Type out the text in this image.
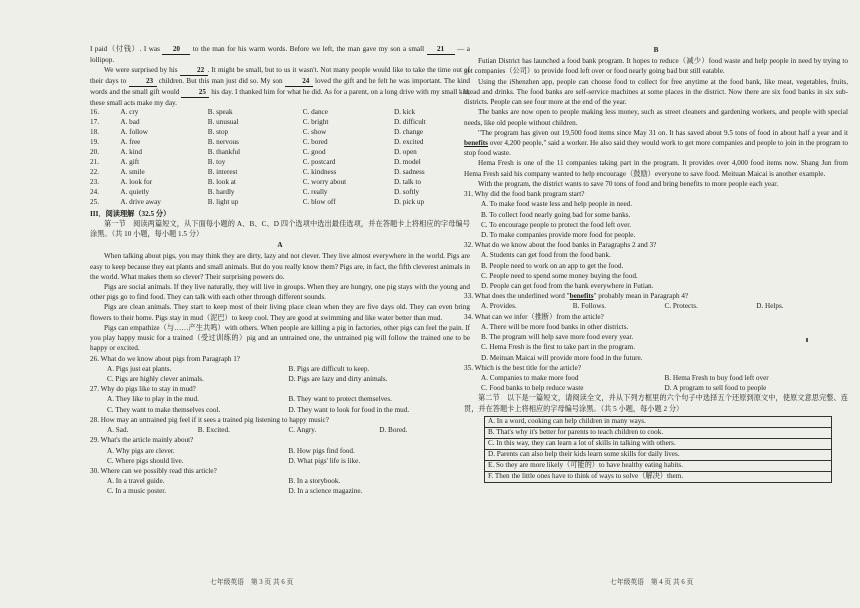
I paid（付钱）. I was 20 to the man for his warm words. Before we left, the man gave my son a small 21 — a lollipop.

We were surprised by his	22 . It might be small, but to us it wasn't. Not many people would like to take the time out of their days to	23 children. But this man just did so. My son	24 loved the gift and he felt he was important. The kind words and the small gift would	25 his day. I thanked him for what he did. As for a parent, on a long drive with my small kid, these small acts make my day.

16.	A. cry	B. speak	C. dance	D. kick
17.	A. bad	B. unusual	C. bright	D. difficult
18.	A. follow	B. stop	C. show	D. change
19.	A. free	B. nervous	C. bored	D. excited
20.	A. kind	B. thankful	C. good	D. open
21.	A. gift	B. toy	C. postcard	D. model
22.	A. smile	B. interest	C. kindness	D. sadness
23.	A. look for	B. look at	C. worry about	D. talk to
24.	A. quietly	B. hardly	C. really	D. softly
25.	A. drive away	B. light up	C. blow off	D. pick up

III．阅读理解（32.5 分）

第一节　阅读两篇短文，从下面每小题的 A、B、C、D 四个选项中选出最佳选项，并在答题卡上将相应的字母编号涂黑。（共 10 小题，每小题 1.5 分）

A

When talking about pigs, you may think they are dirty, lazy and not clever. They live almost everywhere in the world. Pigs are easy to keep because they eat plants and small animals. But do you really know them? Pigs are, in fact, the fifth cleverest animals in the world. What makes them so clever? Their surprising powers do.

Pigs are social animals. If they live naturally, they will live in groups. When they are hungry, one pig stays with the young and other pigs go to find food. They can talk with each other through different sounds.

Pigs are clean animals. They start to keep most of their living place clean when they are five days old. They can even bring flowers to their home. Pigs stay in mud（泥巴）to keep cool. They are good at swimming and like water better than mud.

Pigs can empathize（与……产生共鸣）with others. When people are killing a pig in factories, other pigs can feel the pain. If you play happy music for a trained（受过训练的）pig and an untrained one, the untrained pig will follow the trained one to be happy or excited.

26. What do we know about pigs from Paragraph 1?

A. Pigs just eat plants.	B. Pigs are difficult to keep.
C. Pigs are highly clever animals.	D. Pigs are lazy and dirty animals.

27. Why do pigs like to stay in mud?

A. They like to play in the mud.	B. They want to protect themselves.
C. They want to make themselves cool.	D. They want to look for food in the mud.

28. How may an untrained pig feel if it sees a trained pig listening to happy music?

A. Sad.	B. Excited.	C. Angry.	D. Bored.

29. What's the article mainly about?

A. Why pigs are clever.	B. How pigs find food.
C. Where pigs should live.	D. What pigs' life is like.

30. Where can we possibly read this article?

A. In a travel guide.	B. In a storybook.
C. In a music poster.	D. In a science magazine.

B

Futian District has launched a food bank program. It hopes to reduce（减少）food waste and help people in need by trying to get companies（公司）to provide food left over or food nearly going bad but still eatable.

Using the iShenzhen app, people can choose food to collect for free anytime at the food bank, like meat, vegetables, fruits, bread and drinks. The food banks are self-service machines at some places in the district. Now there are six food banks in six sub-districts. People can see four more at the end of the year.

The banks are now open to people making less money, such as street cleaners and gardening workers, and people with special needs, like old people without children.

"The program has given out 19,500 food items since May 31 on. It has saved about 9.5 tons of food in about half a year and it benefits over 4,200 people," said a worker. He also said they would work to get more companies and people to join in the program to stop food waste.

Hema Fresh is one of the 11 companies taking part in the program. It provides over 4,000 food items now. Shang Jun from Hema Fresh said his company wanted to help encourage（鼓励）everyone to save food. Meituan Maicai is another example.

With the program, the district wants to save 70 tons of food and bring benefits to more people each year.

31. Why did the food bank program start?

A. To make food waste less and help people in need.
B. To collect food nearly going bad for some banks.
C. To encourage people to protect the food left over.
D. To make companies provide more food for people.

32. What do we know about the food banks in Paragraphs 2 and 3?

A. Students can get food from the food bank.
B. People need to work on an app to get the food.
C. People need to spend some money buying the food.
D. People can get food from the bank everywhere in Futian.

33. What does the underlined word "benefits" probably mean in Paragraph 4?

A. Provides.	B. Follows.	C. Protects.	D. Helps.

34. What can we infer（推断）from the article?

A. There will be more food banks in other districts.
B. The program will help save more food every year.
C. Hema Fresh is the first to take part in the program.
D. Meituan Maicai will provide more food in the future.

35. Which is the best title for the article?

A. Companies to make more food	B. Hema Fresh to buy food left over
C. Food banks to help reduce waste	D. A program to sell food to people

第二节　以下是一篇短文，请阅读全文，并从下列方框里的六个句子中选择五个还原到原文中，使原文意思完整、连贯，并在答题卡上将相应的字母编号涂黑。（共 5 小题，每小题 2 分）

A. In a word, cooking can help children in many ways.
B. That's why it's better for parents to teach children to cook.
C. In this way, they can learn a lot of skills in talking with others.
D. Parents can also help their kids learn some skills for daily lives.
E. So they are more likely（可能的）to have healthy eating habits.
F. Then the little ones have to think of ways to solve（解决）them.
七年级英语　第 3 页 共 6 页	七年级英语　第 4 页 共 6 页
